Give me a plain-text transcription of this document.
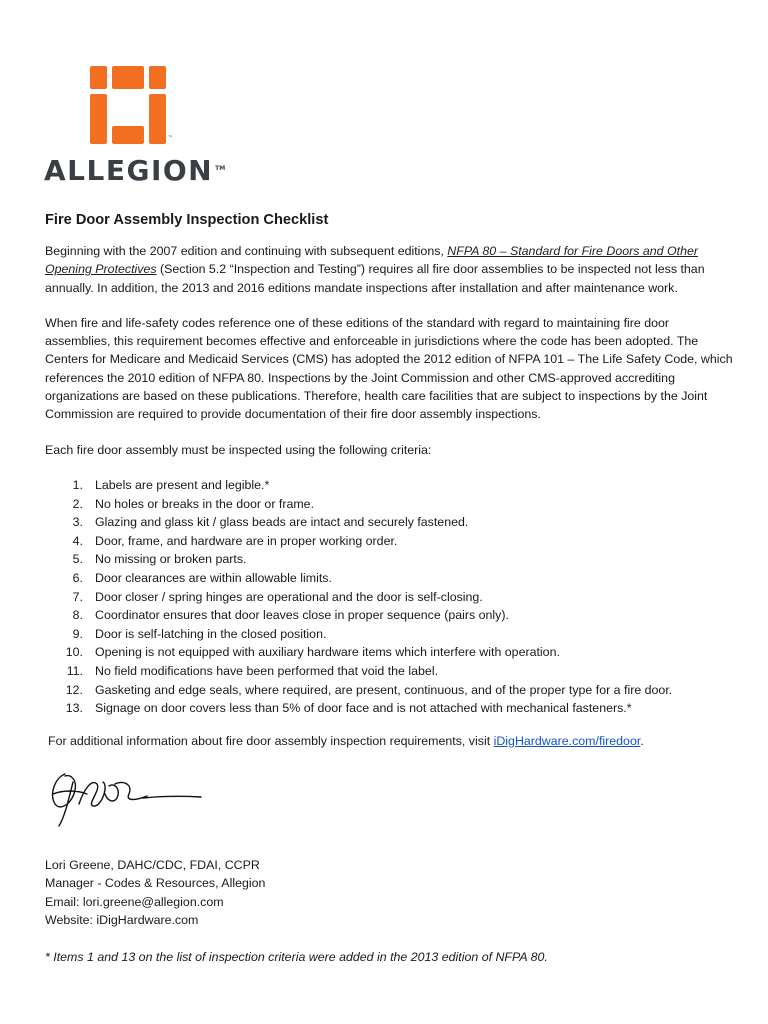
™
ALLEGION ™
Fire Door Assembly Inspection Checklist

Beginning with the 2007 edition and continuing with subsequent editions, NFPA 80 – Standard for Fire Doors and Other Opening Protectives (Section 5.2 “Inspection and Testing”) requires all fire door assemblies to be inspected not less than annually. In addition, the 2013 and 2016 editions mandate inspections after installation and after maintenance work.

When fire and life-safety codes reference one of these editions of the standard with regard to maintaining fire door assemblies, this requirement becomes effective and enforceable in jurisdictions where the code has been adopted. The Centers for Medicare and Medicaid Services (CMS) has adopted the 2012 edition of NFPA 101 – The Life Safety Code, which references the 2010 edition of NFPA 80. Inspections by the Joint Commission and other CMS-approved accrediting organizations are based on these publications. Therefore, health care facilities that are subject to inspections by the Joint Commission are required to provide documentation of their fire door assembly inspections.

Each fire door assembly must be inspected using the following criteria:

1. Labels are present and legible.*
2. No holes or breaks in the door or frame.
3. Glazing and glass kit / glass beads are intact and securely fastened.
4. Door, frame, and hardware are in proper working order.
5. No missing or broken parts.
6. Door clearances are within allowable limits.
7. Door closer / spring hinges are operational and the door is self-closing.
8. Coordinator ensures that door leaves close in proper sequence (pairs only).
9. Door is self-latching in the closed position.
10. Opening is not equipped with auxiliary hardware items which interfere with operation.
11. No field modifications have been performed that void the label.
12. Gasketing and edge seals, where required, are present, continuous, and of the proper type for a fire door.
13. Signage on door covers less than 5% of door face and is not attached with mechanical fasteners.*

For additional information about fire door assembly inspection requirements, visit iDigHardware.com/firedoor.

Lori Greene, DAHC/CDC, FDAI, CCPR
Manager - Codes & Resources, Allegion
Email: lori.greene@allegion.com
Website: iDigHardware.com
* Items 1 and 13 on the list of inspection criteria were added in the 2013 edition of NFPA 80.
